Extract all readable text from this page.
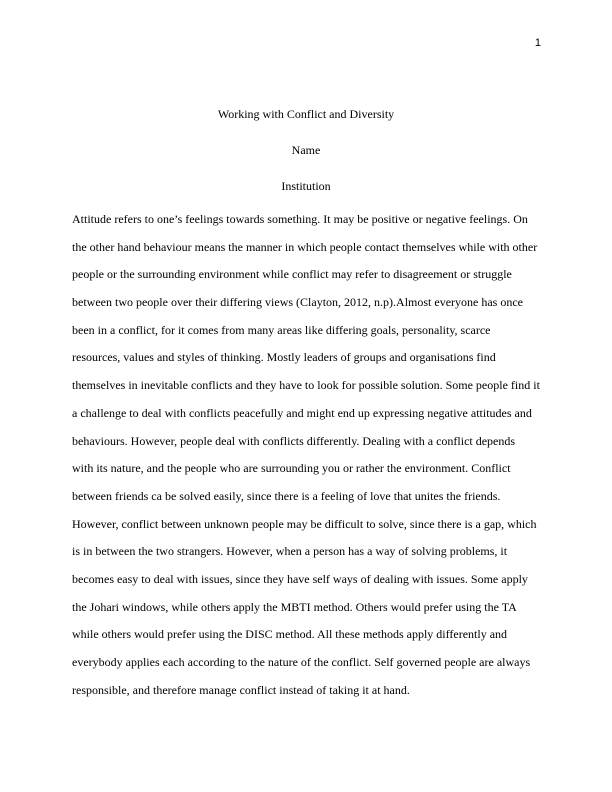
1
Working with Conflict and Diversity
Name
Institution
Attitude refers to one’s feelings towards something. It may be positive or negative feelings. On
the other hand behaviour means the manner in which people contact themselves while with other
people or the surrounding environment while conflict may refer to disagreement or struggle
between two people over their differing views (Clayton, 2012, n.p).Almost everyone has once
been in a conflict, for it comes from many areas like differing goals, personality, scarce
resources, values and styles of thinking. Mostly leaders of groups and organisations find
themselves in inevitable conflicts and they have to look for possible solution. Some people find it
a challenge to deal with conflicts peacefully and might end up expressing negative attitudes and
behaviours. However, people deal with conflicts differently. Dealing with a conflict depends
with its nature, and the people who are surrounding you or rather the environment. Conflict
between friends ca be solved easily, since there is a feeling of love that unites the friends.
However, conflict between unknown people may be difficult to solve, since there is a gap, which
is in between the two strangers. However, when a person has a way of solving problems, it
becomes easy to deal with issues, since they have self ways of dealing with issues. Some apply
the Johari windows, while others apply the MBTI method. Others would prefer using the TA
while others would prefer using the DISC method. All these methods apply differently and
everybody applies each according to the nature of the conflict. Self governed people are always
responsible, and therefore manage conflict instead of taking it at hand.
